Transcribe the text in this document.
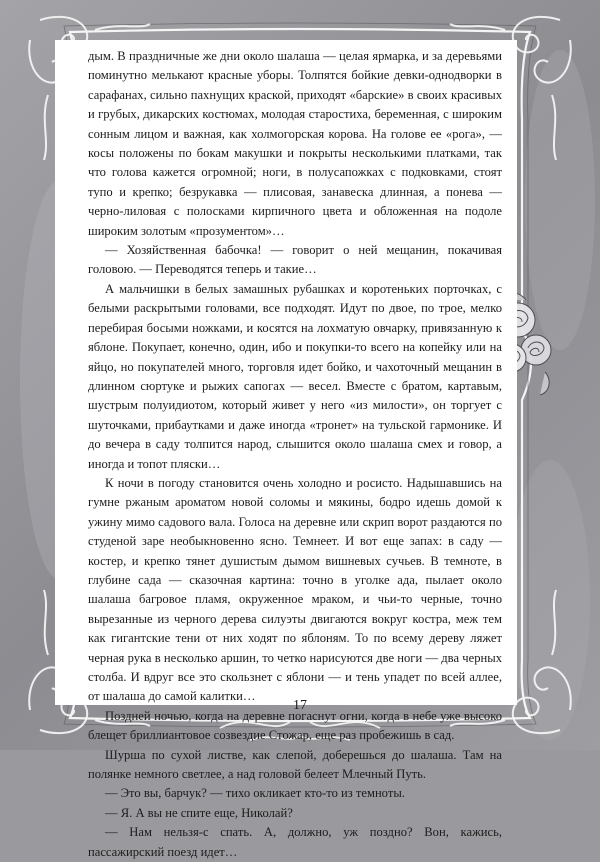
дым. В праздничные же дни около шалаша — целая ярмарка, и за деревьями поминутно мелькают красные уборы. Толпятся бойкие девки-однодворки в сарафанах, сильно пахнущих краской, приходят «барские» в своих красивых и грубых, дикарских костюмах, молодая старостиха, беременная, с широким сонным лицом и важная, как холмогорская корова. На голове ее «рога», — косы положены по бокам макушки и покрыты несколькими платками, так что голова кажется огромной; ноги, в полусапожках с подковками, стоят тупо и крепко; безрукавка — плисовая, занавеска длинная, а понева — черно-лиловая с полосками кирпичного цвета и обложенная на подоле широким золотым «прозументом»…

— Хозяйственная бабочка! — говорит о ней мещанин, покачивая головою. — Переводятся теперь и такие…

А мальчишки в белых замашных рубашках и коротеньких порточках, с белыми раскрытыми головами, все подходят. Идут по двое, по трое, мелко перебирая босыми ножками, и косятся на лохматую овчарку, привязанную к яблоне. Покупает, конечно, один, ибо и покупки-то всего на копейку или на яйцо, но покупателей много, торговля идет бойко, и чахоточный мещанин в длинном сюртуке и рыжих сапогах — весел. Вместе с братом, картавым, шустрым полуидиотом, который живет у него «из милости», он торгует с шуточками, прибаутками и даже иногда «тронет» на тульской гармонике. И до вечера в саду толпится народ, слышится около шалаша смех и говор, а иногда и топот пляски…

К ночи в погоду становится очень холодно и росисто. Надышавшись на гумне ржаным ароматом новой соломы и мякины, бодро идешь домой к ужину мимо садового вала. Голоса на деревне или скрип ворот раздаются по студеной заре необыкновенно ясно. Темнеет. И вот еще запах: в саду — костер, и крепко тянет душистым дымом вишневых сучьев. В темноте, в глубине сада — сказочная картина: точно в уголке ада, пылает около шалаша багровое пламя, окруженное мраком, и чьи-то черные, точно вырезанные из черного дерева силуэты двигаются вокруг костра, меж тем как гигантские тени от них ходят по яблоням. То по всему дереву ляжет черная рука в несколько аршин, то четко нарисуются две ноги — два черных столба. И вдруг все это скользнет с яблони — и тень упадет по всей аллее, от шалаша до самой калитки…

Поздней ночью, когда на деревне погаснут огни, когда в небе уже высоко блещет бриллиантовое созвездие Стожар, еще раз пробежишь в сад.

Шурша по сухой листве, как слепой, доберешься до шалаша. Там на полянке немного светлее, а над головой белеет Млечный Путь.

— Это вы, барчук? — тихо окликает кто-то из темноты.

— Я. А вы не спите еще, Николай?

— Нам нельзя-с спать. А, должно, уж поздно? Вон, кажись, пассажирский поезд идет…

17
